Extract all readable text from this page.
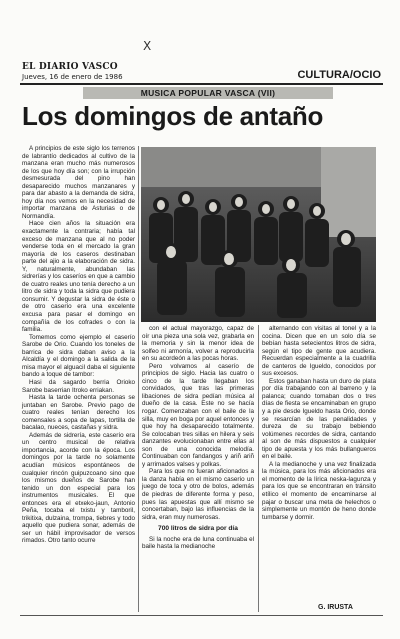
X
EL DIARIO VASCO
Jueves, 16 de enero de 1986	CULTURA/OCIO
MUSICA POPULAR VASCA (VII)
Los domingos de antaño

A principios de este siglo los terrenos de labrantío dedicados al cultivo de la manzana eran mucho más numerosos de los que hoy día son; con la irrupción desmesurada del pino han desaparecido muchos manzanares y para dar abasto a la demanda de sidra, hoy día nos vemos en la necesidad de importar manzana de Asturias o de Normandía.

Hace cien años la situación era exactamente la contraria; había tal exceso de manzana que al no poder venderse toda en el mercado la gran mayoría de los caseros destinaban parte del ajio a la elaboración de sidra. Y, naturalmente, abundaban las sidrerías y los caseríos en que a cambio de cuatro reales uno tenía derecho a un litro de sidra y toda la sidra que pudiera consumir. Y degustar la sidra de éste o de otro caserío era una excelente excusa para pasar el domingo en compañía de los cofrades o con la familia.

Tomemos como ejemplo el caserío Sarobe de Orio. Cuando los toneles de barrica de sidra daban aviso a la Alcaldía y el domingo a la salida de la misa mayor el alguacil daba el siguiente bando a toque de tambor:

Hasi da sagardo berria Orioko Sarobe baserrian Itroko erriakan.

Hasta la tarde ochenta personas se juntaban en Sarobe. Previo pago de cuatro reales tenían derecho los comensales a sopa de lapas, tortilla de bacalao, nueces, castañas y sidra.

Además de sidrería, este caserío era un centro musical de relativa importancia, acorde con la época. Los domingos por la tarde no solamente acudían músicos espontáneos de cualquier rincón guipuzcoano sino que los mismos dueños de Sarobe han tenido un don especial para los instrumentos musicales. El que entonces era el etxeko-jaun, Antonio Peña, tocaba el txistu y tamboril, trikitixa, dulzaina, trompa, tiebres y todo aquello que pudiera sonar, además de ser un hábil improvisador de versos rimados. Otro tanto ocurre

con el actual mayorazgo, capaz de oír una pieza una sola vez, grabarla en la memoria y sin la menor idea de solfeo ni armonía, volver a reproducirla en su acordeón a las pocas horas.

Pero volvamos al caserío de principios de siglo. Hacia las cuatro o cinco de la tarde llegaban los convidados, que tras las primeras libaciones de sidra pedían música al dueño de la casa. Este no se hacía rogar. Comenzaban con el baile de la silla, muy en boga por aquel entonces y que hoy ha desaparecido totalmente. Se colocaban tres sillas en hilera y seis danzantes evolucionaban entre ellas al son de una conocida melodía. Continuaban con fandangos y ariñ ariñ y arrimados valses y polkas.

Para los que no fueran aficionados a la danza había en el mismo caserío un juego de toca y otro de bolos, además de piedras de diferente forma y peso, pues las apuestas que allí mismo se concertaban, bajo las influencias de la sidra, eran muy numerosas.

700 litros de sidra por día

Si la noche era de luna continuaba el baile hasta la medianoche

alternando con visitas al tonel y a la cocina. Dicen que en un solo día se bebían hasta setecientos litros de sidra, según el tipo de gente que acudiera. Recuerdan especialmente a la cuadrilla de canteros de Igueldo, conocidos por sus excesos.

Estos ganaban hasta un duro de plata por día trabajando con al barreno y la palanca; cuando tomaban dos o tres días de fiesta se encaminaban en grupo y a pie desde Igueldo hasta Orio, donde se resarcían de las penalidades y dureza de su trabajo bebiendo volúmenes recordes de sidra, cantando al son de más dispuestos a cualquier tipo de apuesta y los más bullangueros en el baile.

A la medianoche y una vez finalizada la música, para los más aficionados era el momento de la lírica neska-lagunza y para los que se encontraran en tránsito etílico el momento de encaminarse al pajar o buscar una meta de helechos o simplemente un montón de heno donde tumbarse y dormir.

G. IRUSTA
